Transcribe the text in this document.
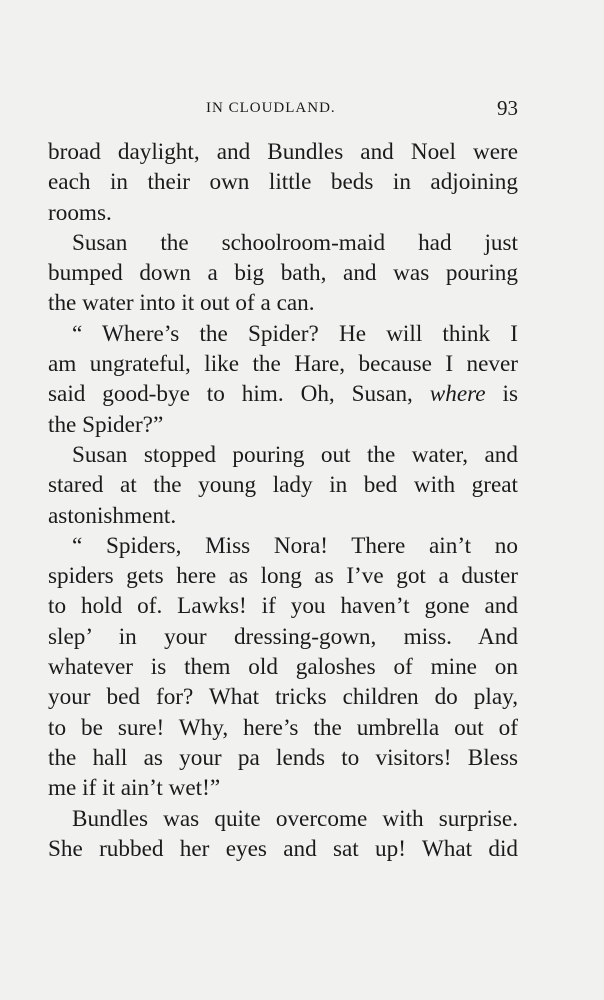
IN CLOUDLAND.	93
broad daylight, and Bundles and Noel were
each in their own little beds in adjoining
rooms.
Susan the schoolroom-maid had just
bumped down a big bath, and was pouring
the water into it out of a can.
“ Where’s the Spider? He will think I
am ungrateful, like the Hare, because I never
said good-bye to him. Oh, Susan, where is
the Spider?”
Susan stopped pouring out the water, and
stared at the young lady in bed with great
astonishment.
“ Spiders, Miss Nora! There ain’t no
spiders gets here as long as I’ve got a duster
to hold of. Lawks! if you haven’t gone and
slep’ in your dressing-gown, miss. And
whatever is them old galoshes of mine on
your bed for? What tricks children do play,
to be sure! Why, here’s the umbrella out of
the hall as your pa lends to visitors! Bless
me if it ain’t wet!”
Bundles was quite overcome with surprise.
She rubbed her eyes and sat up! What did
